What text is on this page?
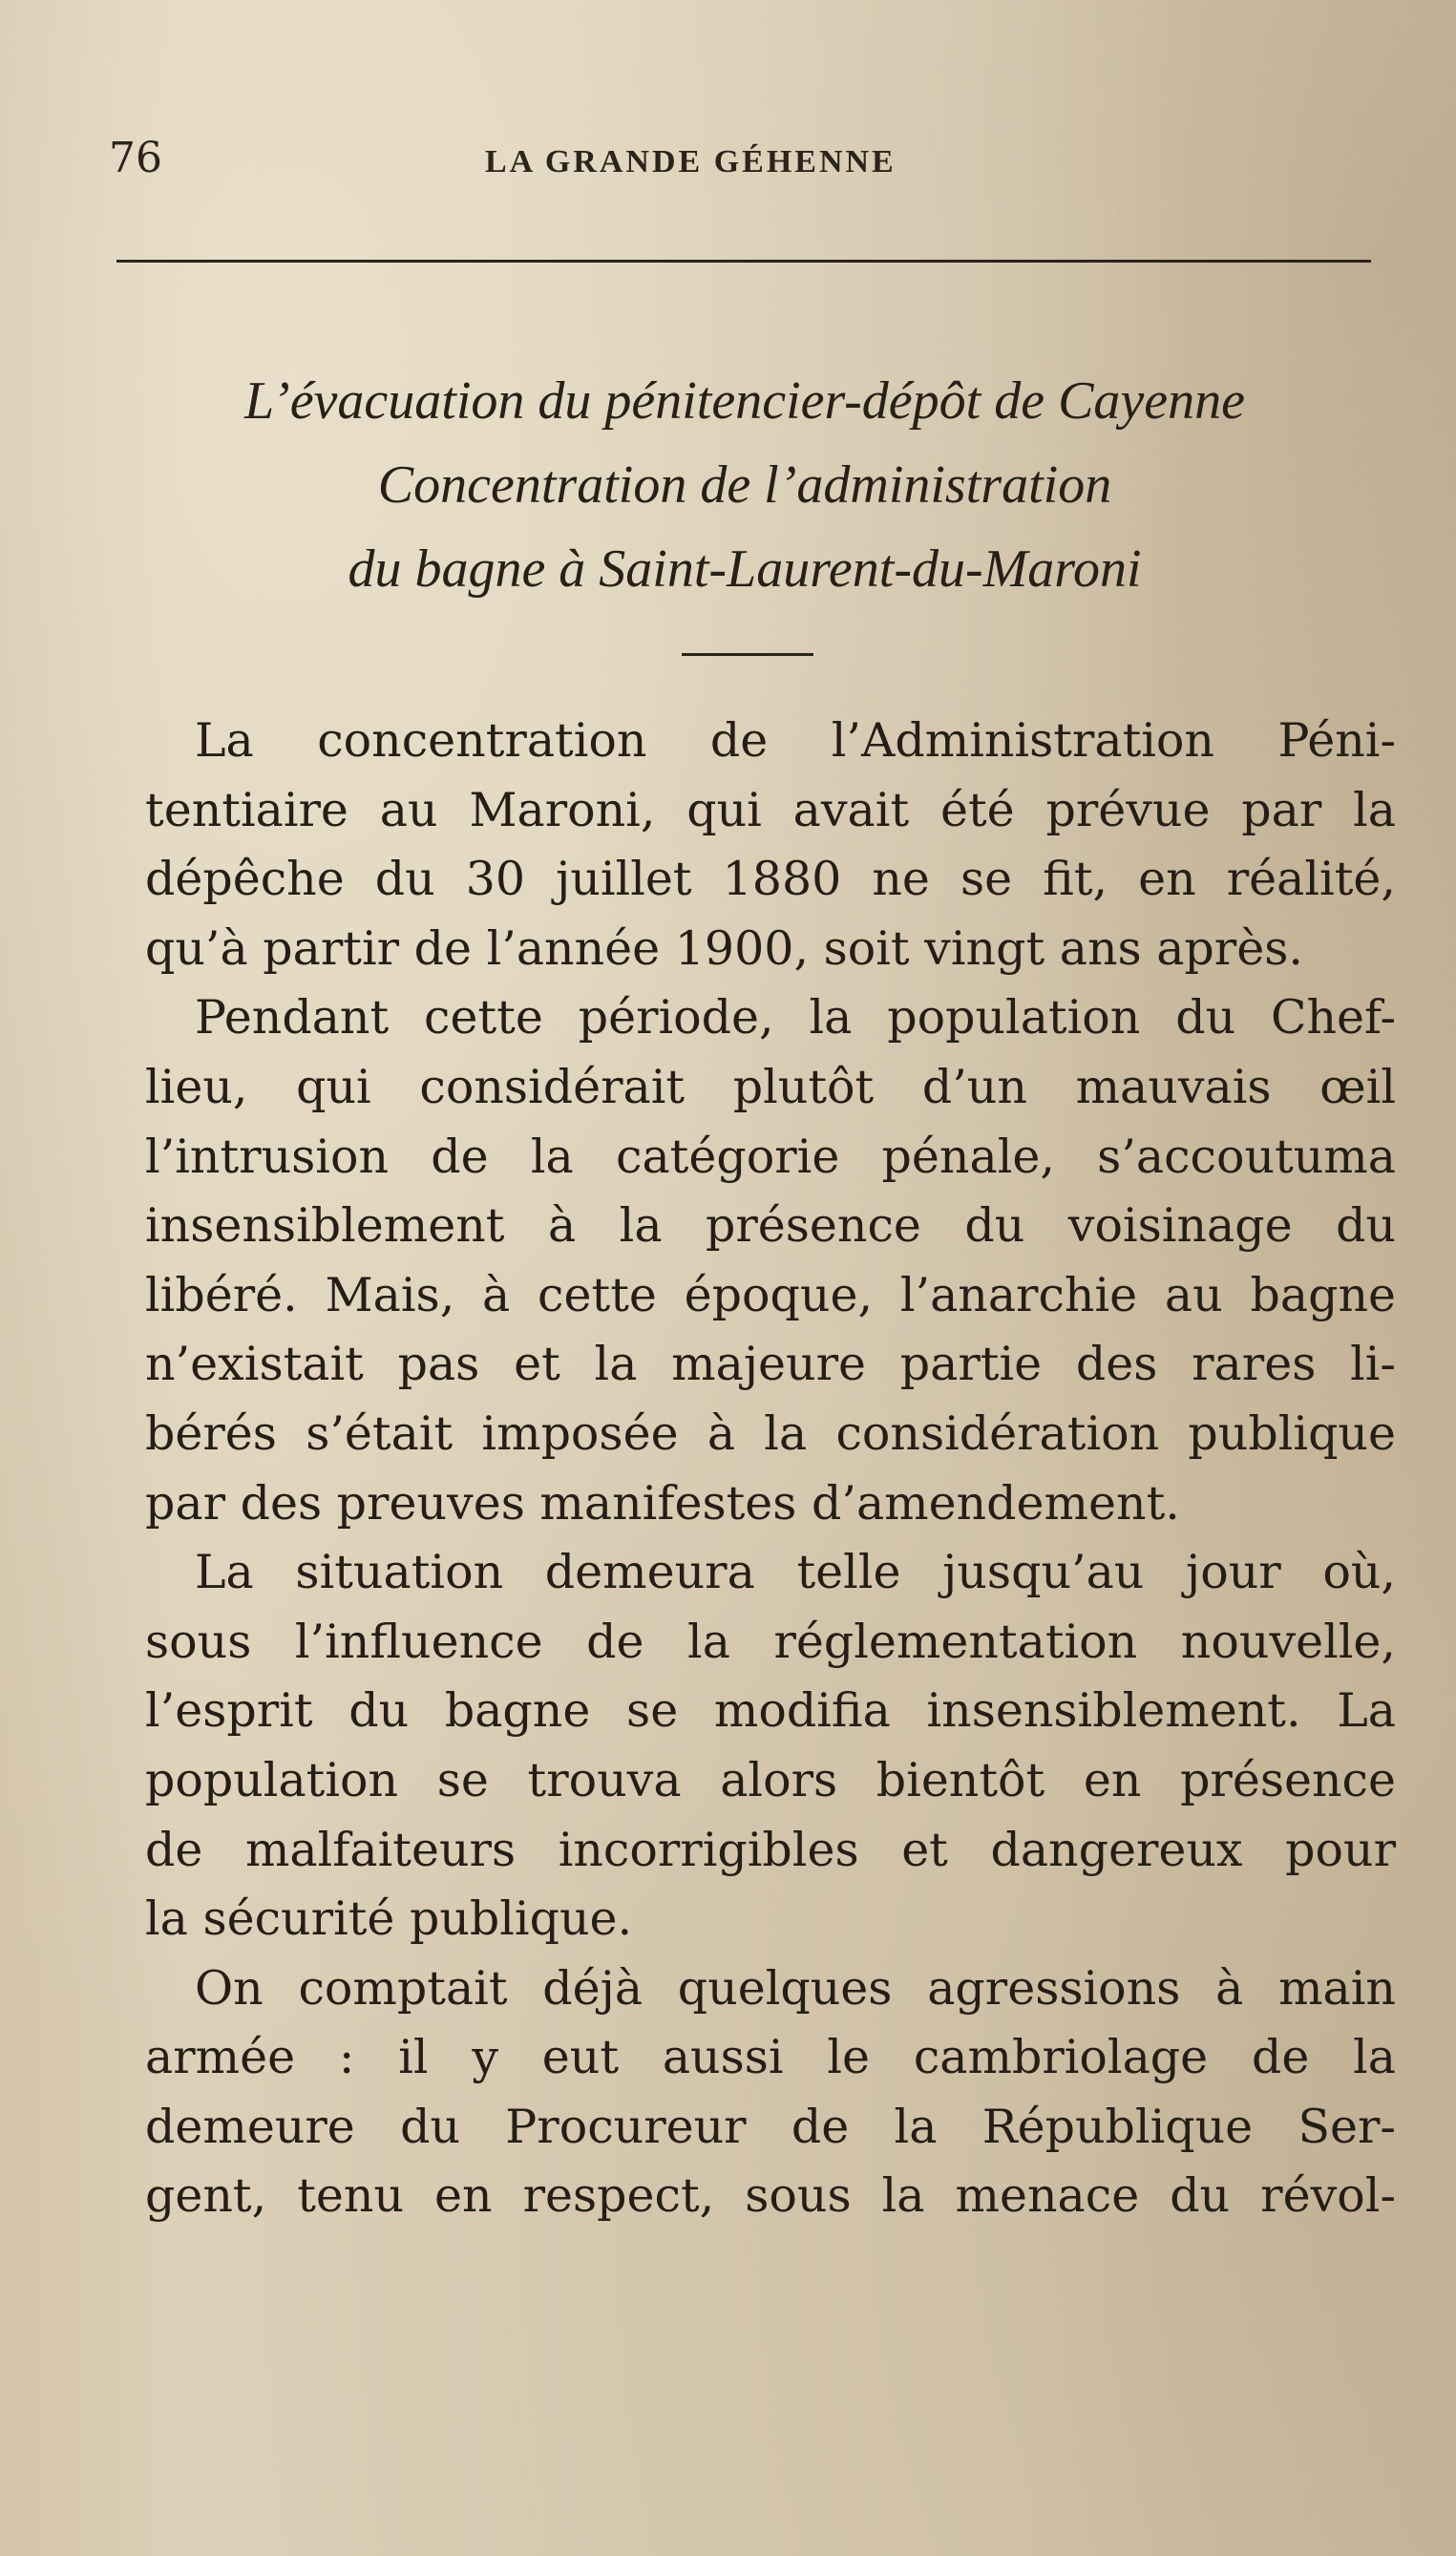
76	LA GRANDE GÉHENNE
L’évacuation du pénitencier-dépôt de Cayenne
Concentration de l’administration
du bagne à Saint-Laurent-du-Maroni

La concentration de l’Administration Péni-
tentiaire au Maroni, qui avait été prévue par la
dépêche du 30 juillet 1880 ne se fit, en réalité,
qu’à partir de l’année 1900, soit vingt ans après.

Pendant cette période, la population du Chef-
lieu, qui considérait plutôt d’un mauvais œil
l’intrusion de la catégorie pénale, s’accoutuma
insensiblement à la présence du voisinage du
libéré. Mais, à cette époque, l’anarchie au bagne
n’existait pas et la majeure partie des rares li-
bérés s’était imposée à la considération publique
par des preuves manifestes d’amendement.

La situation demeura telle jusqu’au jour où,
sous l’influence de la réglementation nouvelle,
l’esprit du bagne se modifia insensiblement. La
population se trouva alors bientôt en présence
de malfaiteurs incorrigibles et dangereux pour
la sécurité publique.

On comptait déjà quelques agressions à main
armée : il y eut aussi le cambriolage de la
demeure du Procureur de la République Ser-
gent, tenu en respect, sous la menace du révol-
